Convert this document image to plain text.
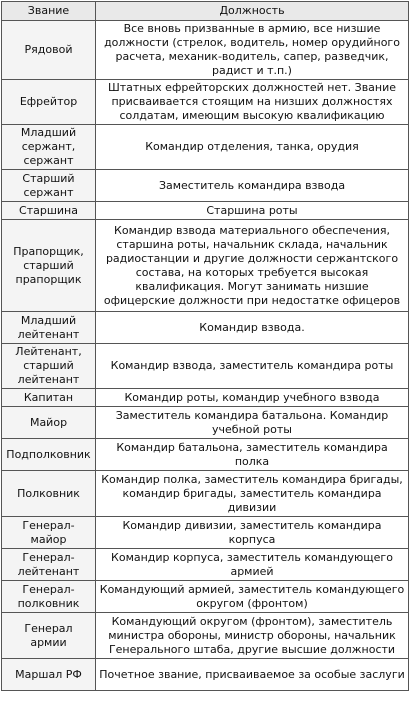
Звание	Должность
Рядовой	Все вновь призванные в армию, все низшие должности (стрелок, водитель, номер орудийного расчета, механик-водитель, сапер, разведчик, радист и т.п.)
Ефрейтор	Штатных ефрейторских должностей нет. Звание присваивается стоящим на низших должностях солдатам, имеющим высокую квалификацию
Младший сержант, сержант	Командир отделения, танка, орудия
Старший сержант	Заместитель командира взвода
Старшина	Старшина роты
Прапорщик, старший прапорщик	Командир взвода материального обеспечения, старшина роты, начальник склада, начальник радиостанции и другие должности сержантского состава, на которых требуется высокая квалификация. Могут занимать низшие офицерские должности при недостатке офицеров
Младший лейтенант	Командир взвода.
Лейтенант, старший лейтенант	Командир взвода, заместитель командира роты
Капитан	Командир роты, командир учебного взвода
Майор	Заместитель командира батальона. Командир учебной роты
Подполковник	Командир батальона, заместитель командира полка
Полковник	Командир полка, заместитель командира бригады, командир бригады, заместитель командира дивизии
Генерал-майор	Командир дивизии, заместитель командира корпуса
Генерал-лейтенант	Командир корпуса, заместитель командующего армией
Генерал-полковник	Командующий армией, заместитель командующего округом (фронтом)
Генерал армии	Командующий округом (фронтом), заместитель министра обороны, министр обороны, начальник Генерального штаба, другие высшие должности
Маршал РФ	Почетное звание, присваиваемое за особые заслуги
